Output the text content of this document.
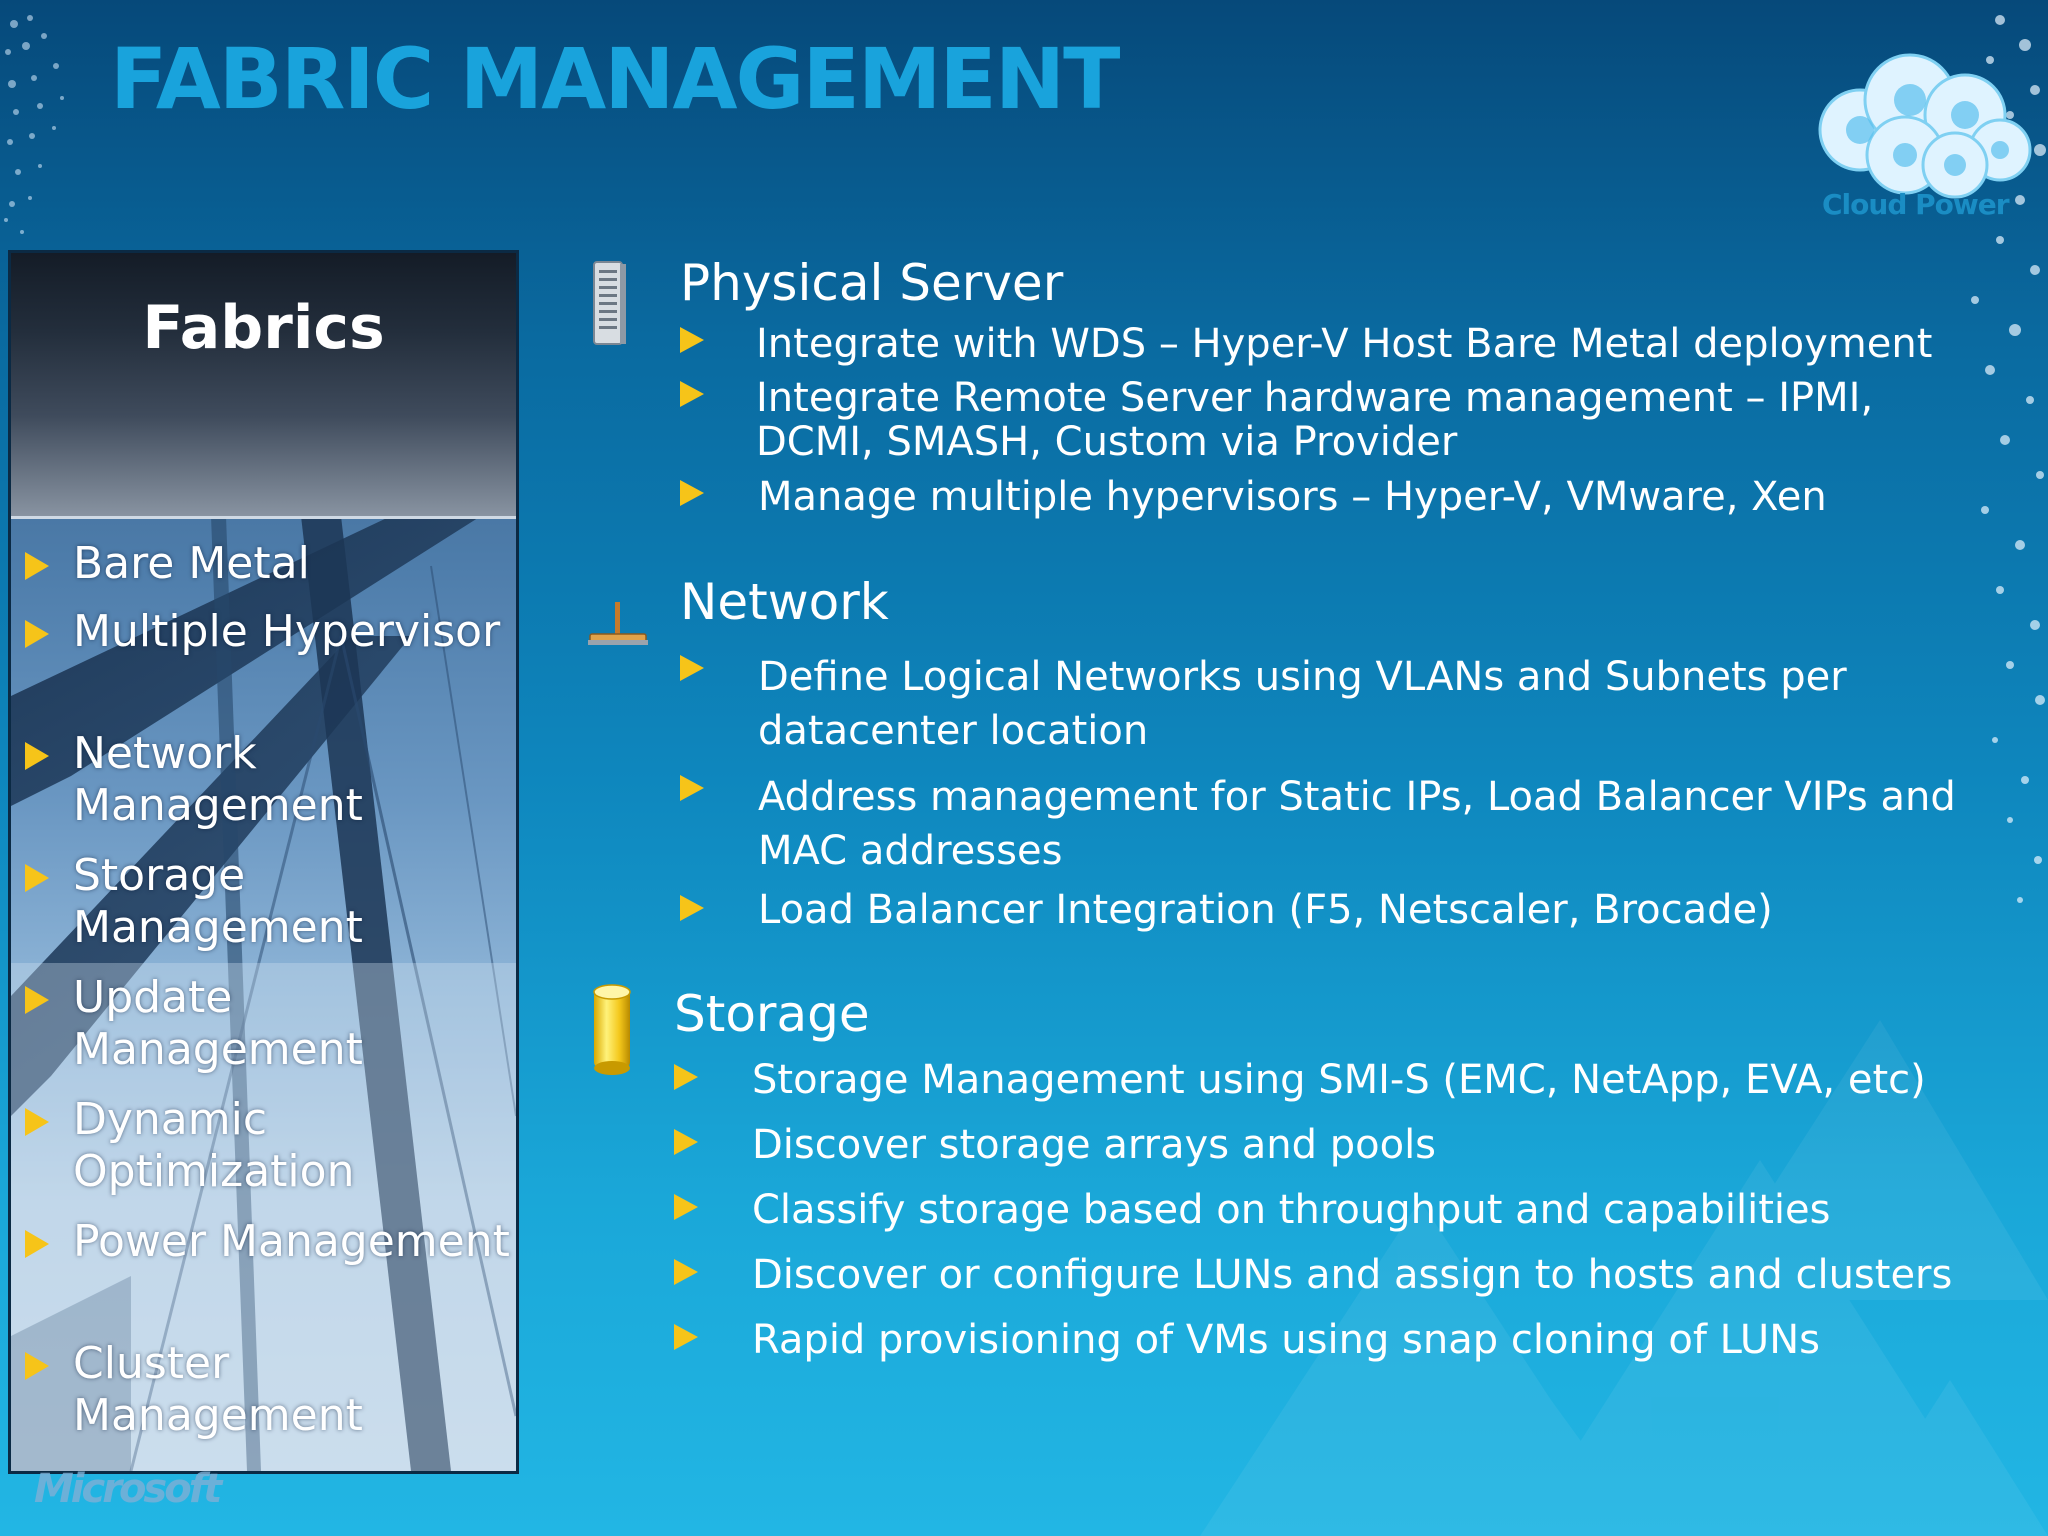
FABRIC MANAGEMENT
Cloud Power
Fabrics
Bare Metal
Multiple Hypervisor
Network Management
Storage Management
Update Management
Dynamic Optimization
Power Management
Cluster Management
Physical Server
Integrate with WDS – Hyper-V Host Bare Metal deployment
Integrate Remote Server hardware management – IPMI, DCMI, SMASH, Custom via Provider
Manage multiple hypervisors – Hyper-V, VMware, Xen
Network
Define Logical Networks using VLANs and Subnets per datacenter location
Address management for Static IPs, Load Balancer VIPs and MAC addresses
Load Balancer Integration (F5, Netscaler, Brocade)
Storage
Storage Management using SMI-S (EMC, NetApp, EVA, etc)
Discover storage arrays and pools
Classify storage based on throughput and capabilities
Discover or configure LUNs and assign to hosts and clusters
Rapid provisioning of VMs using snap cloning of LUNs
Microsoft
